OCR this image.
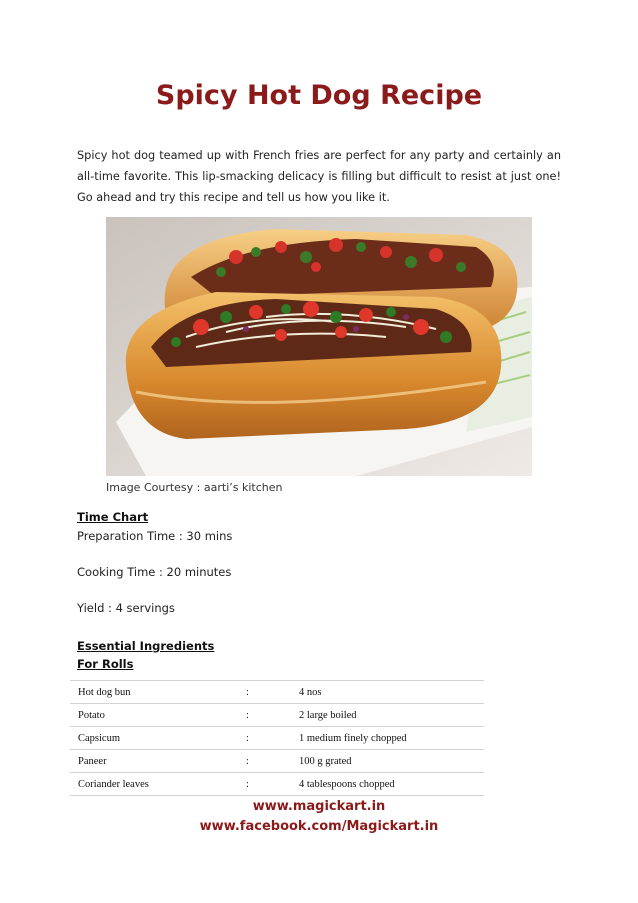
Spicy Hot Dog Recipe
Spicy hot dog teamed up with French fries are perfect for any party and certainly an all-time favorite. This lip-smacking delicacy is filling but difficult to resist at just one! Go ahead and try this recipe and tell us how you like it.
Image Courtesy : aarti’s kitchen
Time Chart
Preparation Time : 30 mins
Cooking Time : 20 minutes
Yield : 4 servings
Essential Ingredients
For Rolls
Hot dog bun	:	4 nos
Potato	:	2 large boiled
Capsicum	:	1 medium finely chopped
Paneer	:	100 g grated
Coriander leaves	:	4 tablespoons chopped
www.magickart.in
www.facebook.com/Magickart.in
